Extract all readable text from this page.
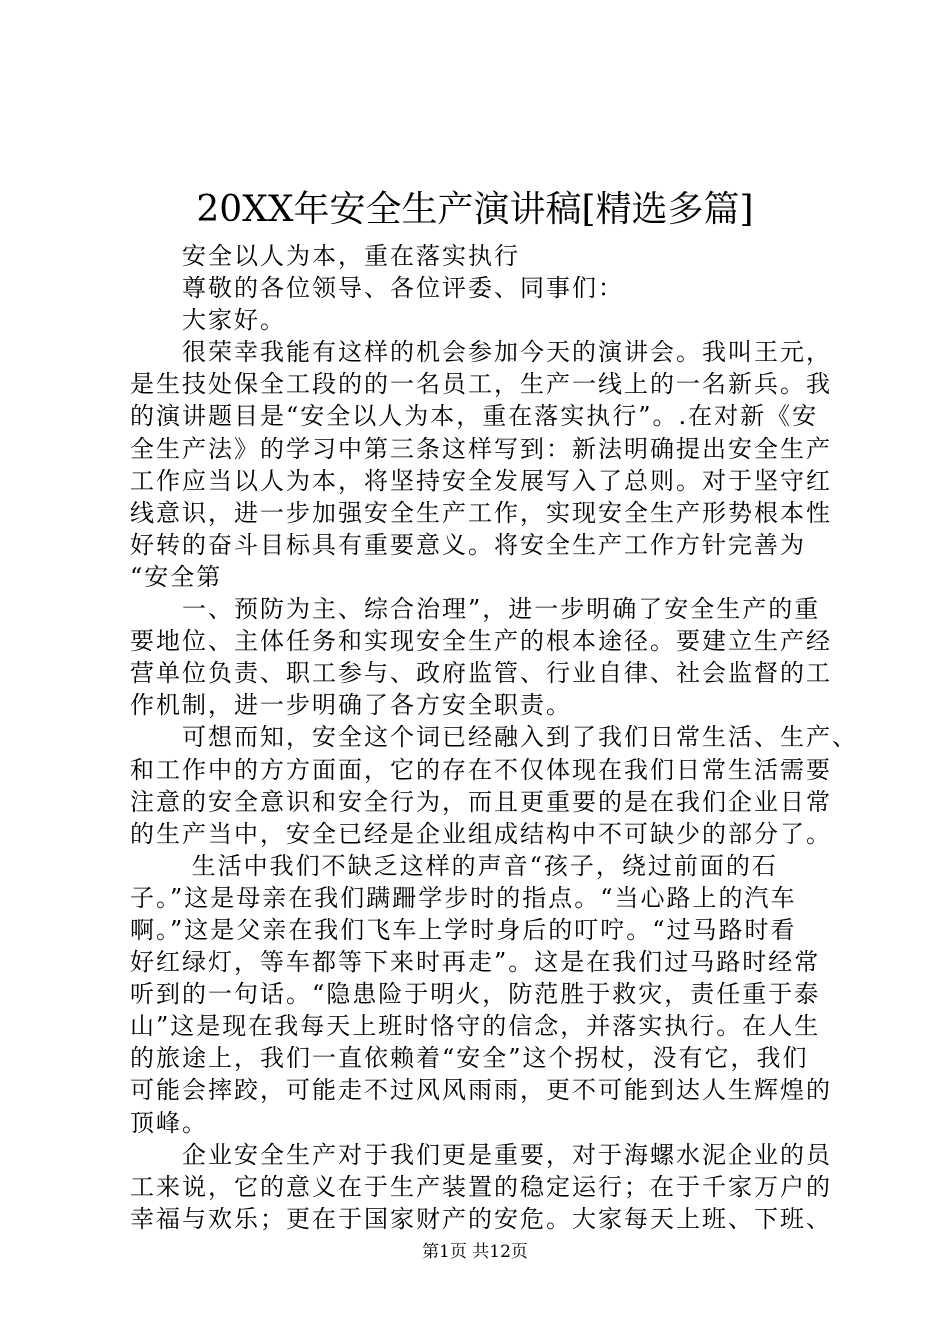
20XX年安全生产演讲稿[精选多篇]
　　安全以人为本，重在落实执行
　　尊敬的各位领导、各位评委、同事们：
　　大家好。
　　很荣幸我能有这样的机会参加今天的演讲会。我叫王元，
是生技处保全工段的的一名员工，生产一线上的一名新兵。我
的演讲题目是“安全以人为本，重在落实执行”。.在对新《安
全生产法》的学习中第三条这样写到：新法明确提出安全生产
工作应当以人为本，将坚持安全发展写入了总则。对于坚守红
线意识，进一步加强安全生产工作，实现安全生产形势根本性
好转的奋斗目标具有重要意义。将安全生产工作方针完善为
“安全第
　　一、预防为主、综合治理”，进一步明确了安全生产的重
要地位、主体任务和实现安全生产的根本途径。要建立生产经
营单位负责、职工参与、政府监管、行业自律、社会监督的工
作机制，进一步明确了各方安全职责。
　　可想而知，安全这个词已经融入到了我们日常生活、生产、
和工作中的方方面面，它的存在不仅体现在我们日常生活需要
注意的安全意识和安全行为，而且更重要的是在我们企业日常
的生产当中，安全已经是企业组成结构中不可缺少的部分了。
　　 生活中我们不缺乏这样的声音“孩子，绕过前面的石
子。”这是母亲在我们蹒跚学步时的指点。“当心路上的汽车
啊。”这是父亲在我们飞车上学时身后的叮咛。“过马路时看
好红绿灯，等车都等下来时再走”。这是在我们过马路时经常
听到的一句话。“隐患险于明火，防范胜于救灾，责任重于泰
山”这是现在我每天上班时恪守的信念，并落实执行。在人生
的旅途上，我们一直依赖着“安全”这个拐杖，没有它，我们
可能会摔跤，可能走不过风风雨雨，更不可能到达人生辉煌的
顶峰。
　　企业安全生产对于我们更是重要，对于海螺水泥企业的员
工来说，它的意义在于生产装置的稳定运行；在于千家万户的
幸福与欢乐；更在于国家财产的安危。大家每天上班、下班、
第1页 共12页
